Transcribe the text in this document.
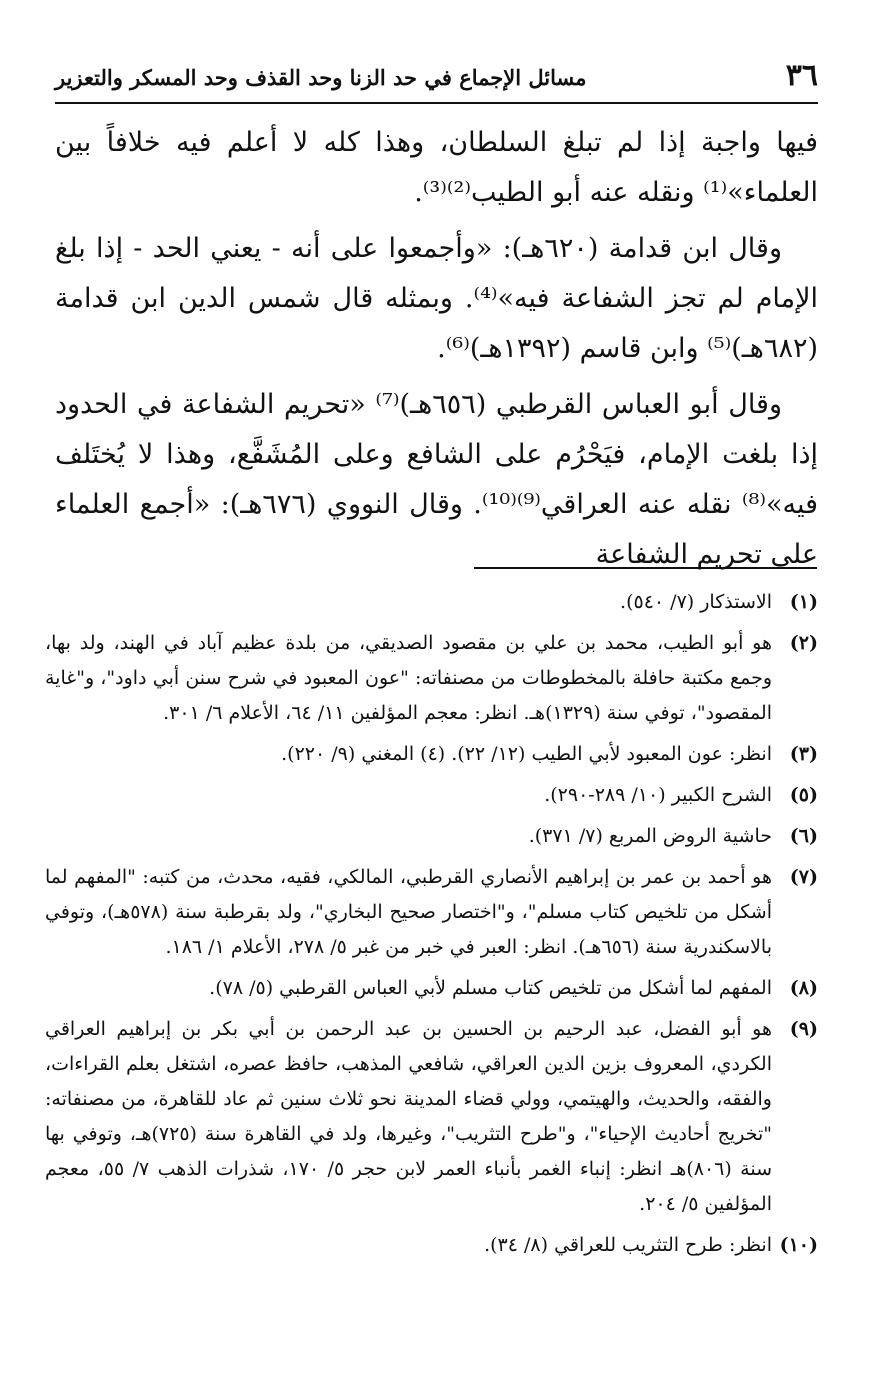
٣٦
مسائل الإجماع في حد الزنا وحد القذف وحد المسكر والتعزير

فيها واجبة إذا لم تبلغ السلطان، وهذا كله لا أعلم فيه خلافاً بين العلماء»⁽¹⁾ ونقله عنه أبو الطيب⁽²⁾⁽³⁾.

وقال ابن قدامة (٦٢٠هـ): «وأجمعوا على أنه - يعني الحد - إذا بلغ الإمام لم تجز الشفاعة فيه»⁽⁴⁾. وبمثله قال شمس الدين ابن قدامة (٦٨٢هـ)⁽⁵⁾ وابن قاسم (١٣٩٢هـ)⁽⁶⁾.

وقال أبو العباس القرطبي (٦٥٦هـ)⁽⁷⁾ «تحريم الشفاعة في الحدود إذا بلغت الإمام، فيَحْرُم على الشافع وعلى المُشَفَّع، وهذا لا يُختَلف فيه»⁽⁸⁾ نقله عنه العراقي⁽⁹⁾⁽¹⁰⁾. وقال النووي (٦٧٦هـ): «أجمع العلماء على تحريم الشفاعة

(١)
الاستذكار (٧/ ٥٤٠).
(٢)
هو أبو الطيب، محمد بن علي بن مقصود الصديقي، من بلدة عظيم آباد في الهند، ولد بها، وجمع مكتبة حافلة بالمخطوطات من مصنفاته: "عون المعبود في شرح سنن أبي داود"، و"غاية المقصود"، توفي سنة (١٣٢٩)هـ. انظر: معجم المؤلفين ١١/ ٦٤، الأعلام ٦/ ٣٠١.
(٣)
انظر: عون المعبود لأبي الطيب (١٢/ ٢٢). (٤) المغني (٩/ ٢٢٠).
(٥)
الشرح الكبير (١٠/ ٢٨٩-٢٩٠).
(٦)
حاشية الروض المربع (٧/ ٣٧١).
(٧)
هو أحمد بن عمر بن إبراهيم الأنصاري القرطبي، المالكي، فقيه، محدث، من كتبه: "المفهم لما أشكل من تلخيص كتاب مسلم"، و"اختصار صحيح البخاري"، ولد بقرطبة سنة (٥٧٨هـ)، وتوفي بالاسكندرية سنة (٦٥٦هـ). انظر: العبر في خبر من غبر ٥/ ٢٧٨، الأعلام ١/ ١٨٦.
(٨)
المفهم لما أشكل من تلخيص كتاب مسلم لأبي العباس القرطبي (٥/ ٧٨).
(٩)
هو أبو الفضل، عبد الرحيم بن الحسين بن عبد الرحمن بن أبي بكر بن إبراهيم العراقي الكردي، المعروف بزين الدين العراقي، شافعي المذهب، حافظ عصره، اشتغل بعلم القراءات، والفقه، والحديث، والهيتمي، وولي قضاء المدينة نحو ثلاث سنين ثم عاد للقاهرة، من مصنفاته: "تخريج أحاديث الإحياء"، و"طرح التثريب"، وغيرها، ولد في القاهرة سنة (٧٢٥)هـ، وتوفي بها سنة (٨٠٦)هـ انظر: إنباء الغمر بأنباء العمر لابن حجر ٥/ ١٧٠، شذرات الذهب ٧/ ٥٥، معجم المؤلفين ٥/ ٢٠٤.
(١٠)
انظر: طرح التثريب للعراقي (٨/ ٣٤).
